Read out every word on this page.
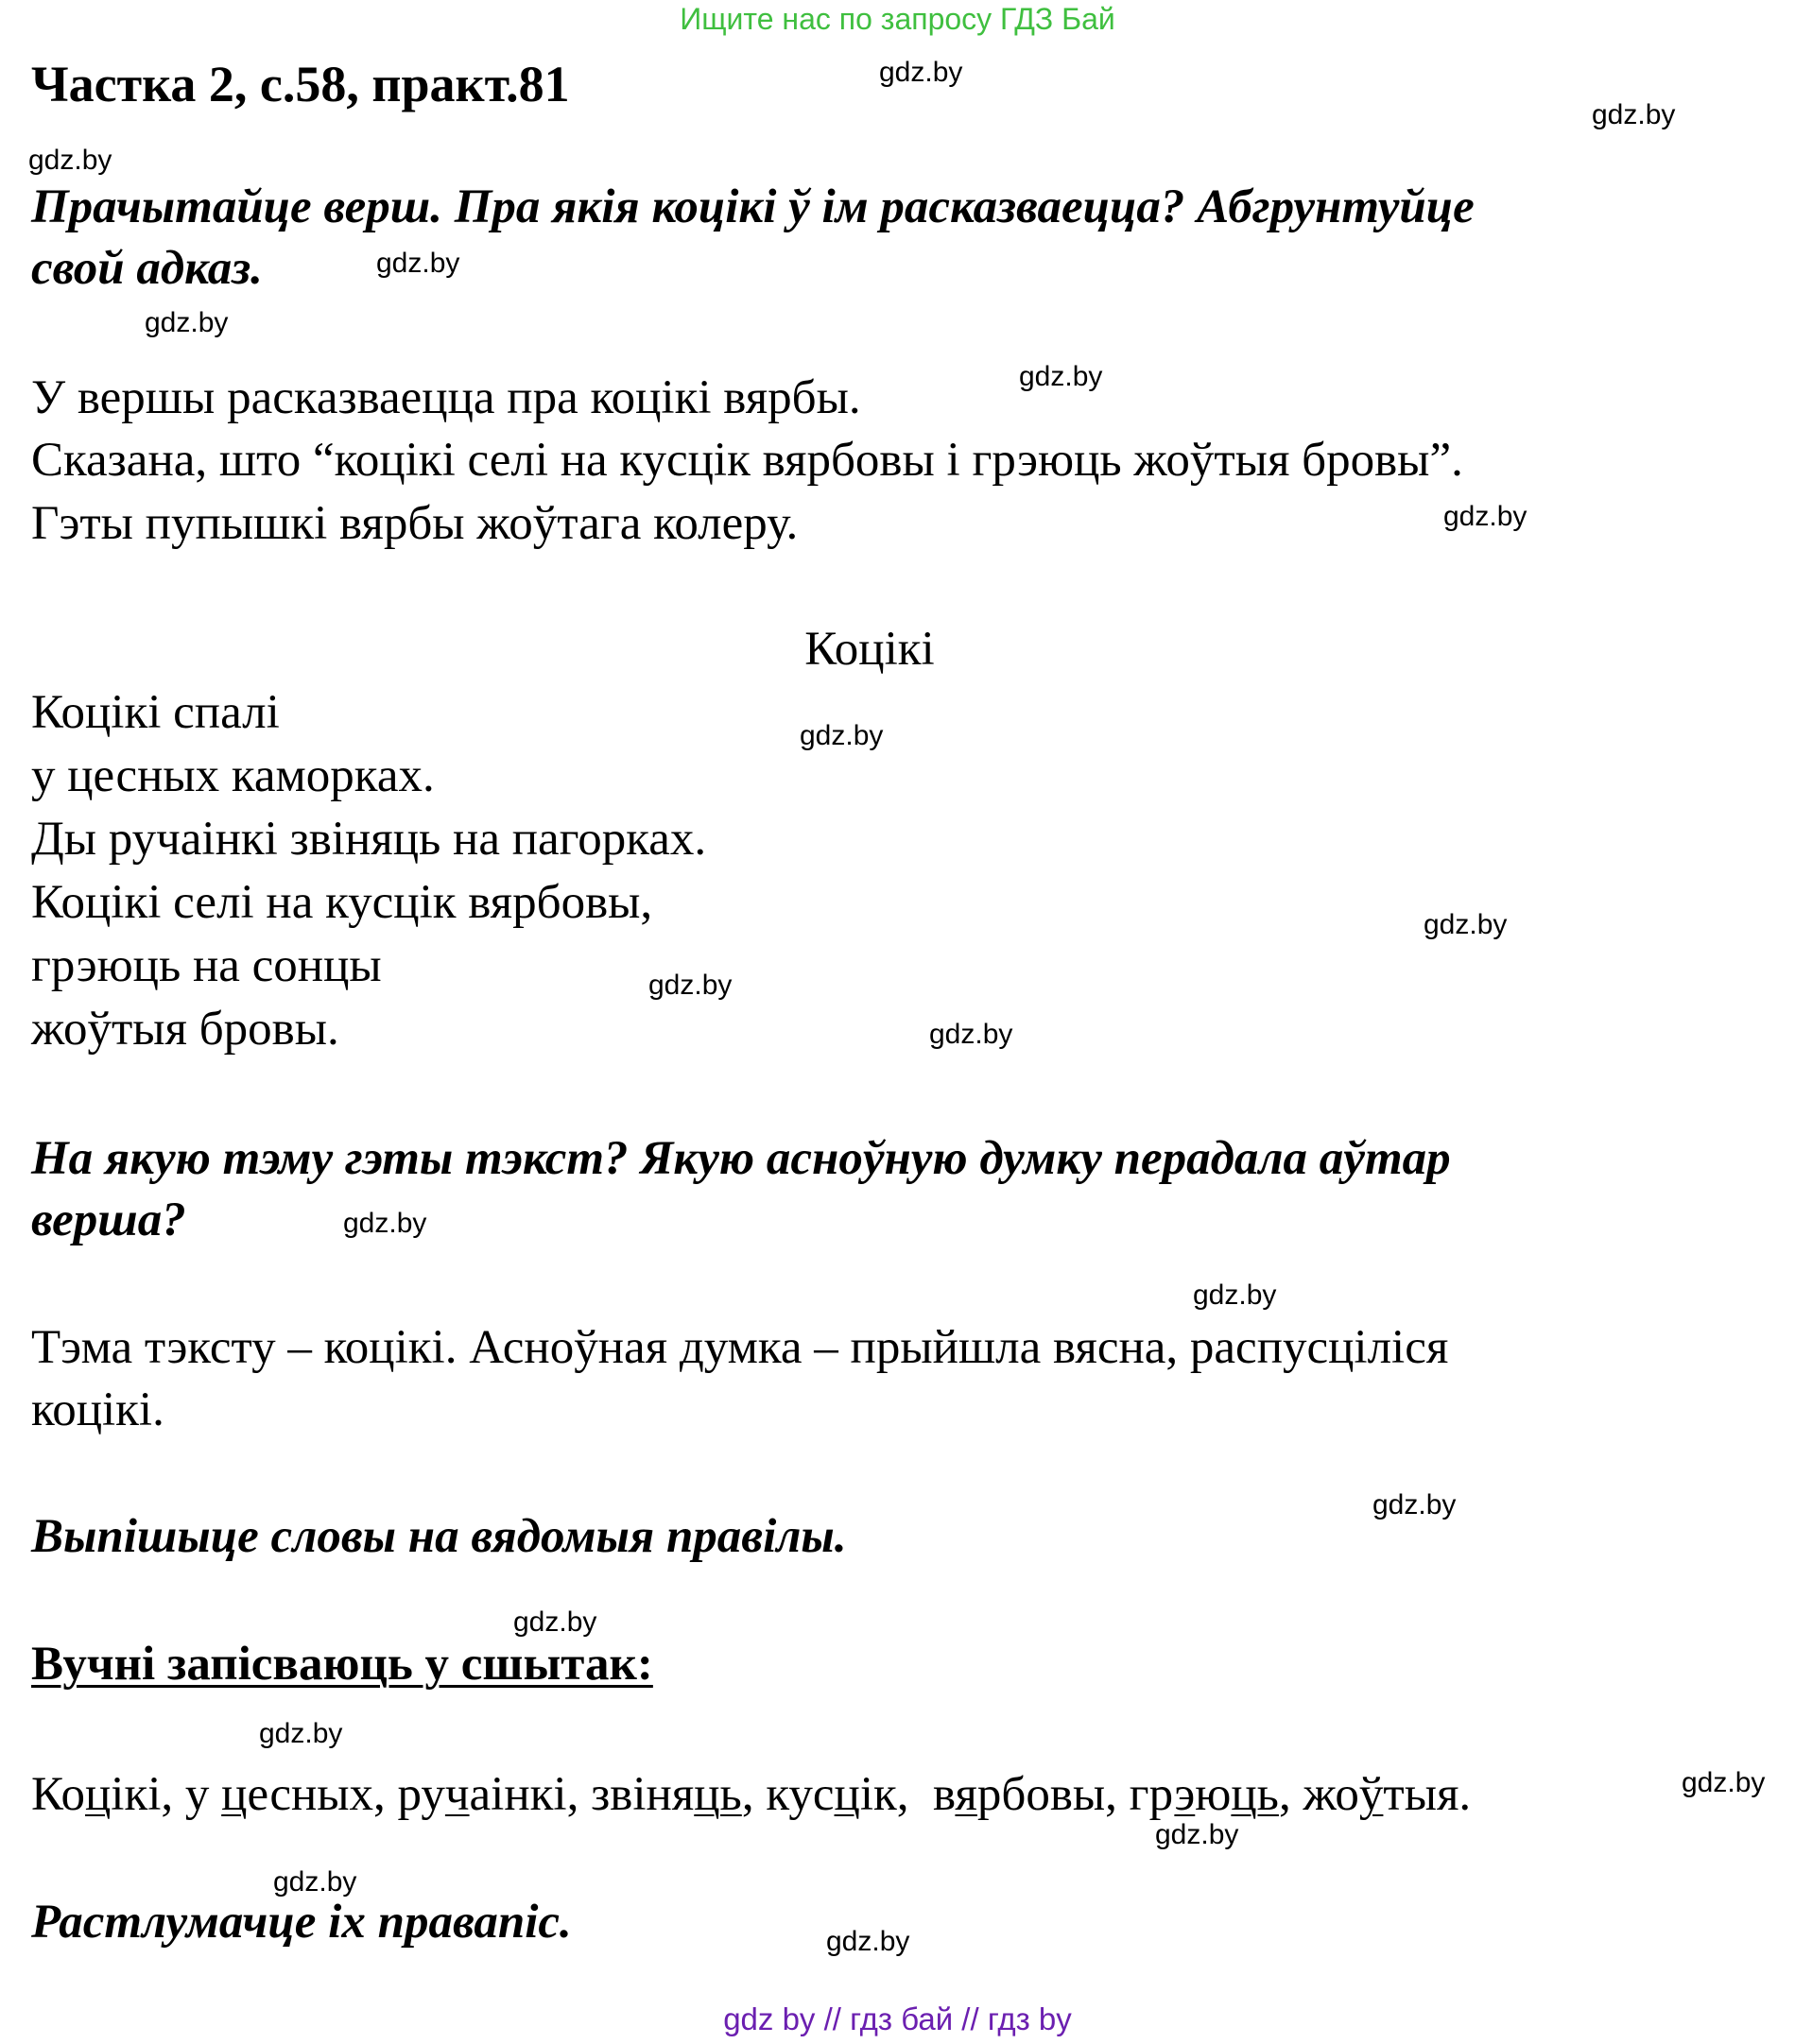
Ищите нас по запросу ГДЗ Бай
Частка 2, с.58, практ.81
Прачытайце верш. Пра якія коцікі ў ім расказваецца? Абгрунтуйце
свой адказ.
У вершы расказваецца пра коцікі вярбы.
Сказана, што “коцікі селі на кусцік вярбовы і грэюць жоўтыя бровы”.
Гэты пупышкі вярбы жоўтага колеру.
Коцікі
Коцікі спалі
у цесных каморках.
Ды ручаінкі звіняць на пагорках.
Коцікі селі на кусцік вярбовы,
грэюць на сонцы
жоўтыя бровы.
На якую тэму гэты тэкст? Якую асноўную думку перадала аўтар
верша?
Тэма тэксту – коцікі. Асноўная думка – прыйшла вясна, распусціліся
коцікі.
Выпішыце словы на вядомыя правілы.
Вучні запісваюць у сшытак:
Коцікі, у цесных, ручаінкі, звіняць, кусцік,  вярбовы, грэюць, жоўтыя.
Растлумачце іх правапіс.
gdz.by
gdz.by
gdz.by
gdz.by
gdz.by
gdz.by
gdz.by
gdz.by
gdz.by
gdz.by
gdz.by
gdz.by
gdz.by
gdz.by
gdz.by
gdz.by
gdz.by
gdz.by
gdz.by
gdz.by
gdz by // гдз бай // гдз by
